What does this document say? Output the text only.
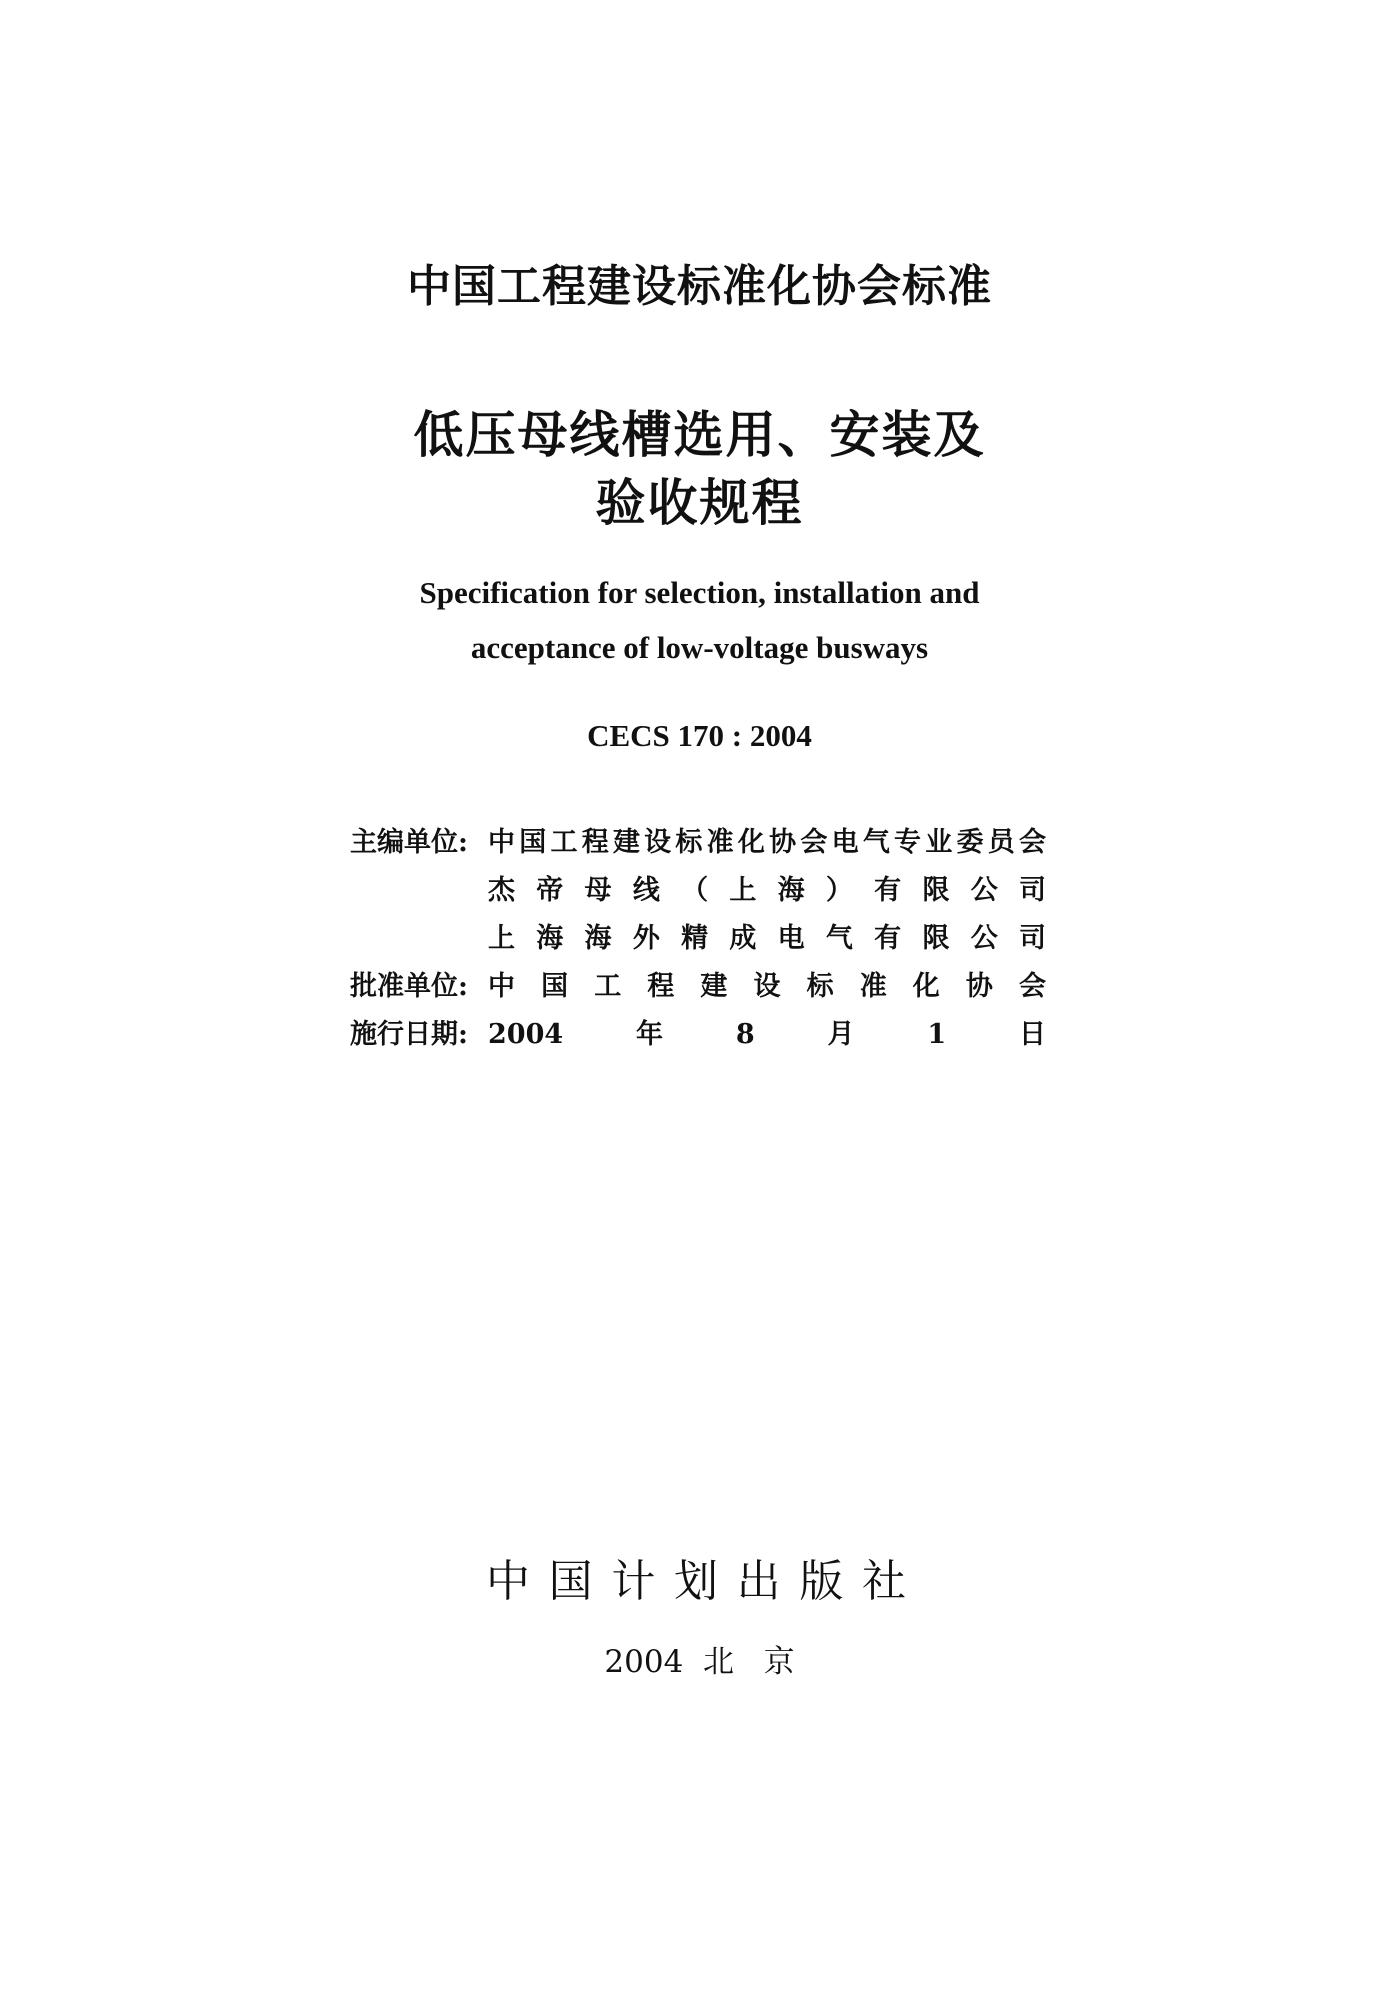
中国工程建设标准化协会标准
低压母线槽选用、安装及
验收规程
Specification for selection, installation and
acceptance of low-voltage busways
CECS 170 : 2004
主编单位: 中国工程建设标准化协会电气专业委员会
杰帝母线（上海）有限公司
上海海外精成电气有限公司
批准单位: 中国工程建设标准化协会
施行日期: 2004年8月1日
中国计划出版社
2004  北   京
